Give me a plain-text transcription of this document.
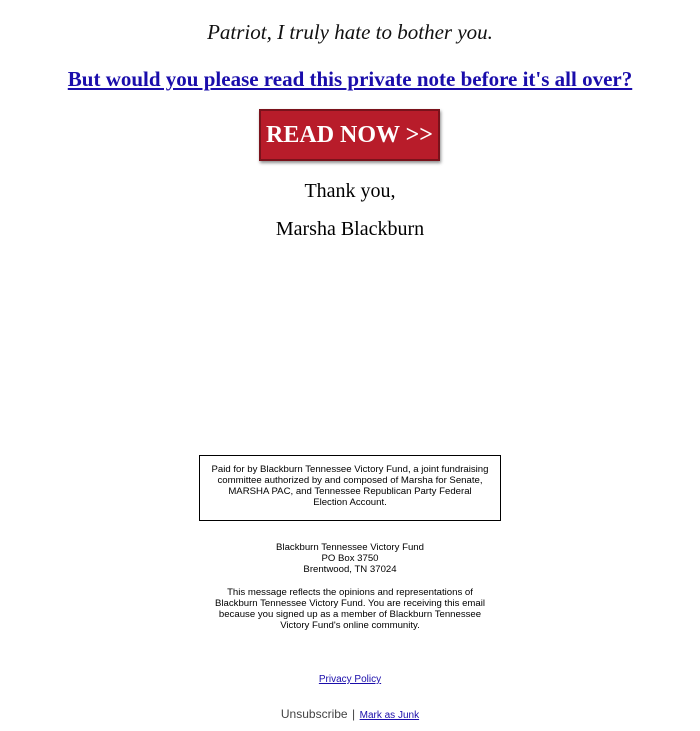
Patriot, I truly hate to bother you.
But would you please read this private note before it's all over?
READ NOW >>
Thank you,
Marsha Blackburn
Paid for by Blackburn Tennessee Victory Fund, a joint fundraising committee authorized by and composed of Marsha for Senate, MARSHA PAC, and Tennessee Republican Party Federal Election Account.
Blackburn Tennessee Victory Fund
PO Box 3750
Brentwood, TN 37024
This message reflects the opinions and representations of Blackburn Tennessee Victory Fund. You are receiving this email because you signed up as a member of Blackburn Tennessee Victory Fund's online community.
Privacy Policy
Unsubscribe | Mark as Junk
